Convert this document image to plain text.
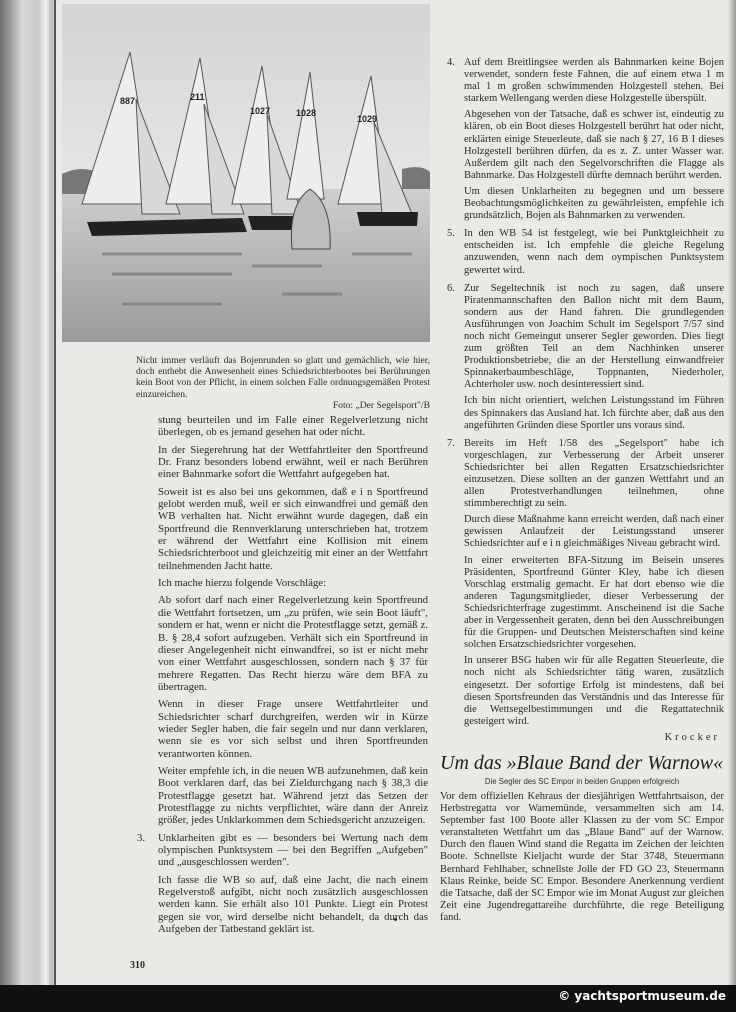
887	211
1027	1028
1029
Nicht immer verläuft das Bojenrunden so glatt und gemächlich, wie hier, doch enthebt die Anwesenheit eines Schiedsrichterbootes bei Berührungen kein Boot von der Pflicht, in einem solchen Falle ordnungsgemäßen Protest einzureichen.
Foto: „Der Segelsport"/B

stung beurteilen und im Falle einer Regelverletzung nicht überlegen, ob es jemand gesehen hat oder nicht.

In der Siegerehrung hat der Wettfahrtleiter den Sportfreund Dr. Franz besonders lobend erwähnt, weil er nach Berühren einer Bahnmarke sofort die Wettfahrt aufgegeben hat.

Soweit ist es also bei uns gekommen, daß e i n Sportfreund gelobt werden muß, weil er sich einwandfrei und gemäß den WB verhalten hat. Nicht erwähnt wurde dagegen, daß ein Sportfreund die Rennverklarung unterschrieben hat, trotzem er während der Wettfahrt eine Kollision mit einem Schiedsrichterboot und gleichzeitig mit einer an der Wettfahrt teilnehmenden Jacht hatte.

Ich mache hierzu folgende Vorschläge:

Ab sofort darf nach einer Regelverletzung kein Sportfreund die Wettfahrt fortsetzen, um „zu prüfen, wie sein Boot läuft", sondern er hat, wenn er nicht die Protestflagge setzt, gemäß z. B. § 28,4 sofort aufzugeben. Verhält sich ein Sportfreund in dieser Angelegenheit nicht einwandfrei, so ist er nicht mehr von einer Wettfahrt ausgeschlossen, sondern nach § 37 für mehrere Regatten. Das Recht hierzu wäre dem BFA zu übertragen.

Wenn in dieser Frage unsere Wettfahrtleiter und Schiedsrichter scharf durchgreifen, werden wir in Kürze wieder Segler haben, die fair segeln und nur dann verklaren, wenn sie es vor sich selbst und ihren Sportfreunden verantworten können.

Weiter empfehle ich, in die neuen WB aufzunehmen, daß kein Boot verklaren darf, das bei Zieldurchgang nach § 38,3 die Protestflagge gesetzt hat. Während jetzt das Setzen der Protestflagge zu nichts verpflichtet, wäre dann der Anreiz größer, jedes Unklarkommen dem Schiedsgericht anzuzeigen.

3. Unklarheiten gibt es — besonders bei Wertung nach dem olympischen Punktsystem — bei den Begriffen „Aufgeben" und „ausgeschlossen werden".

Ich fasse die WB so auf, daß eine Jacht, die nach einem Regelverstoß aufgibt, nicht noch zusätzlich ausgeschlossen werden kann. Sie erhält also 101 Punkte. Liegt ein Protest gegen sie vor, wird derselbe nicht behandelt, da durch das Aufgeben der Tatbestand geklärt ist.

4. Auf dem Breitlingsee werden als Bahnmarken keine Bojen verwendet, sondern feste Fahnen, die auf einem etwa 1 m mal 1 m großen schwimmenden Holzgestell stehen. Bei starkem Wellengang werden diese Holzgestelle überspült.

Abgesehen von der Tatsache, daß es schwer ist, eindeutig zu klären, ob ein Boot dieses Holzgestell berührt hat oder nicht, erklärten einige Steuerleute, daß sie nach § 27, 16 B I dieses Holzgestell berühren dürfen, da es z. Z. unter Wasser war. Außerdem gilt nach den Segelvorschriften die Flagge als Bahnmarke. Das Holzgestell dürfte demnach berührt werden.

Um diesen Unklarheiten zu begegnen und um bessere Beobachtungsmöglichkeiten zu gewährleisten, empfehle ich grundsätzlich, Bojen als Bahnmarken zu verwenden.

5. In den WB 54 ist festgelegt, wie bei Punktgleichheit zu entscheiden ist. Ich empfehle die gleiche Regelung anzuwenden, wenn nach dem oympischen Punktsystem gewertet wird.

6. Zur Segeltechnik ist noch zu sagen, daß unsere Piratenmannschaften den Ballon nicht mit dem Baum, sondern aus der Hand fahren. Die grundlegenden Ausführungen von Joachim Schult im Segelsport 7/57 sind noch nicht Gemeingut unserer Segler geworden. Dies liegt zum größten Teil an dem Nachhinken unserer Produktionsbetriebe, die an der Herstellung einwandfreier Spinnakerbaumbeschläge, Toppnanten, Niederholer, Achterholer usw. noch desinteressiert sind.

Ich bin nicht orientiert, welchen Leistungsstand im Führen des Spinnakers das Ausland hat. Ich fürchte aber, daß aus den angeführten Gründen diese Sportler uns voraus sind.

7. Bereits im Heft 1/58 des „Segelsport" habe ich vorgeschlagen, zur Verbesserung der Arbeit unserer Schiedsrichter bei allen Regatten Ersatzschiedsrichter einzusetzen. Diese sollten an der ganzen Wettfahrt und an allen Protestverhandlungen teilnehmen, ohne stimmberechtigt zu sein.

Durch diese Maßnahme kann erreicht werden, daß nach einer gewissen Anlaufzeit der Leistungsstand unserer Schiedsrichter auf e i n gleichmäßiges Niveau gebracht wird.

In einer erweiterten BFA-Sitzung im Beisein unseres Präsidenten, Sportfreund Günter Kley, habe ich diesen Vorschlag erstmalig gemacht. Er hat dort ebenso wie die anderen Tagungsmitglieder, dieser Verbesserung der Schiedsrichterfrage zugestimmt. Anscheinend ist die Sache aber in Vergessenheit geraten, denn bei den Ausschreibungen für die Gruppen- und Deutschen Meisterschaften sind keine solchen Ersatzschiedsrichter vorgesehen.

In unserer BSG haben wir für alle Regatten Steuerleute, die noch nicht als Schiedsrichter tätig waren, zusätzlich eingesetzt. Der sofortige Erfolg ist mindestens, daß bei diesen Sportsfreunden das Verständnis und das Interesse für die Wettsegelbestimmungen und die Regattatechnik gesteigert wird.

Krocker

Um das »Blaue Band der Warnow«
Die Segler des SC Empor in beiden Gruppen erfolgreich
Vor dem offiziellen Kehraus der diesjährigen Wettfahrtsaison, der Herbstregatta vor Warnemünde, versammelten sich am 14. September fast 100 Boote aller Klassen zu der vom SC Empor veranstalteten Wettfahrt um das „Blaue Band" auf der Warnow. Durch den flauen Wind stand die Regatta im Zeichen der leichten Boote. Schnellste Kieljacht wurde der Star 3748, Steuermann Bernhard Fehlhaber, schnellste Jolle der FD GO 23, Steuermann Klaus Reinke, beide SC Empor. Besondere Anerkennung verdient die Tatsache, daß der SC Empor wie im Monat August zur gleichen Zeit eine Jugendregattareihe durchführte, die rege Beteiligung fand.
310
© yachtsportmuseum.de
